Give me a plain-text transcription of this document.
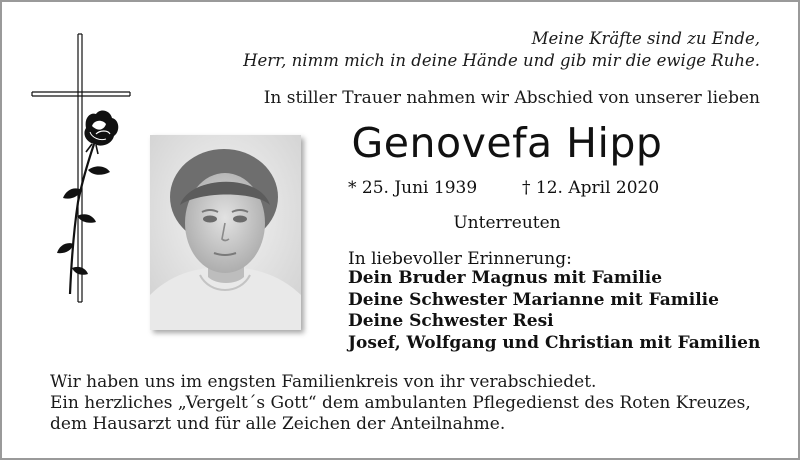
Meine Kräfte sind zu Ende,
Herr, nimm mich in deine Hände und gib mir die ewige Ruhe.
In stiller Trauer nahmen wir Abschied von unserer lieben
Genovefa Hipp
* 25. Juni 1939	† 12. April 2020
Unterreuten
In liebevoller Erinnerung:
Dein Bruder Magnus mit Familie
Deine Schwester Marianne mit Familie
Deine Schwester Resi
Josef, Wolfgang und Christian mit Familien
Wir haben uns im engsten Familienkreis von ihr verabschiedet.
Ein herzliches „Vergelt´s Gott“ dem ambulanten Pflegedienst des Roten Kreuzes,
dem Hausarzt und für alle Zeichen der Anteilnahme.
